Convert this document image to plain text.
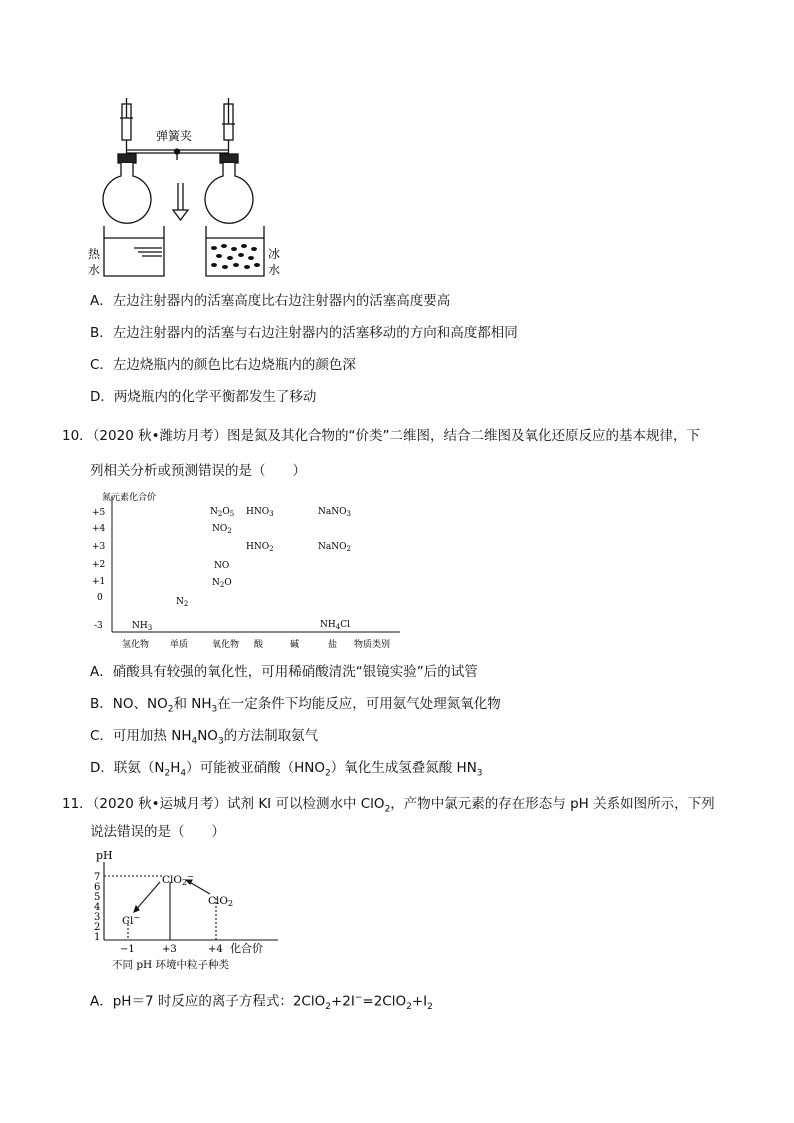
弹簧夹
热
水
冰
水
A．左边注射器内的活塞高度比右边注射器内的活塞高度要高
B．左边注射器内的活塞与右边注射器内的活塞移动的方向和高度都相同
C．左边烧瓶内的颜色比右边烧瓶内的颜色深
D．两烧瓶内的化学平衡都发生了移动
10．（2020 秋•潍坊月考）图是氮及其化合物的“价类”二维图，结合二维图及氧化还原反应的基本规律，下
列相关分析或预测错误的是（　　）
氮元素化合价
+5
+4
+3
+2
+1
0
-3
氢化物 单质	氧化物 酸	碱	盐 物质类别
$N_2O_5$ $HNO_3$	NaNO$_3$
$NO_2$
$HNO_2$	NaNO$_2$
NO
$N_2O$
$N_2$
$NH_3$	$NH_4Cl$
A．硝酸具有较强的氧化性，可用稀硝酸清洗“银镜实验”后的试管
B．NO、$NO_2$和 $NH_3$在一定条件下均能反应，可用氨气处理氮氧化物
C．可用加热 $NH_4NO_3$的方法制取氨气
D．联氨$(N_2H_4)$可能被亚硝酸$(HNO_2)$氧化生成氢叠氮酸 $HN_3$
11．（2020 秋•运城月考）试剂 KI 可以检测水中 ClO$_2$，产物中氯元素的存在形态与 pH 关系如图所示，下列
说法错误的是（　　）
pH
7
6
5
4
3
2
1
−1	+3	+4 化合价
不同 pH 环境中粒子种类
ClO2−
ClO2
Cl−
A．pH＝7 时反应的离子方程式：$2ClO_2+2I^-=2ClO_2+I_2$
